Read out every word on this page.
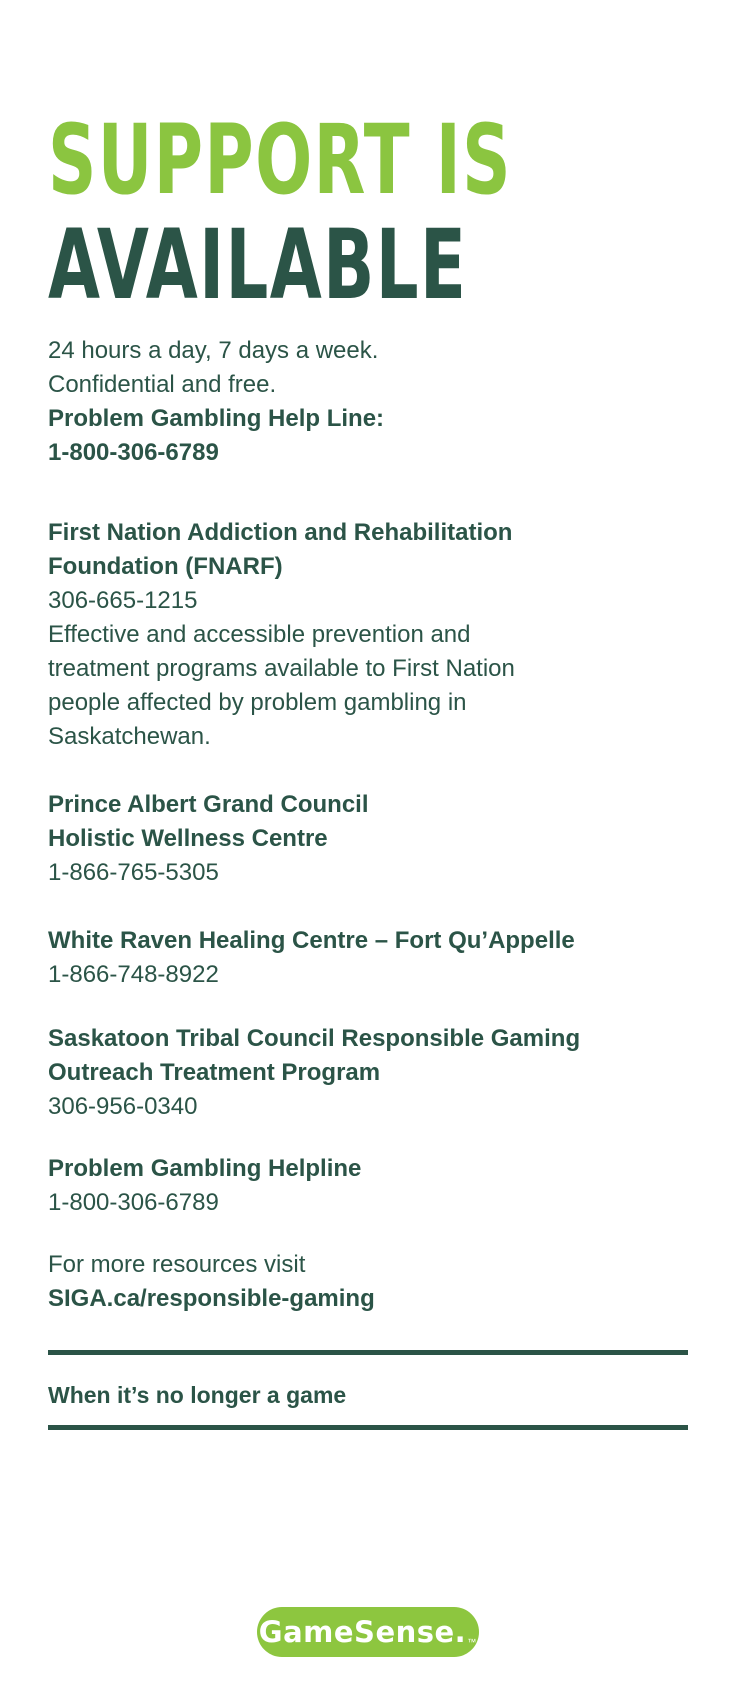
SUPPORT IS
AVAILABLE
24 hours a day, 7 days a week.
Confidential and free.
Problem Gambling Help Line:
1-800-306-6789
First Nation Addiction and Rehabilitation
Foundation (FNARF)
306-665-1215
Effective and accessible prevention and
treatment programs available to First Nation
people affected by problem gambling in
Saskatchewan.
Prince Albert Grand Council
Holistic Wellness Centre
1-866-765-5305
White Raven Healing Centre – Fort Qu’Appelle
1-866-748-8922
Saskatoon Tribal Council Responsible Gaming
Outreach Treatment Program
306-956-0340
Problem Gambling Helpline
1-800-306-6789
For more resources visit
SIGA.ca/responsible-gaming
When it’s no longer a game
GameSense. ™
